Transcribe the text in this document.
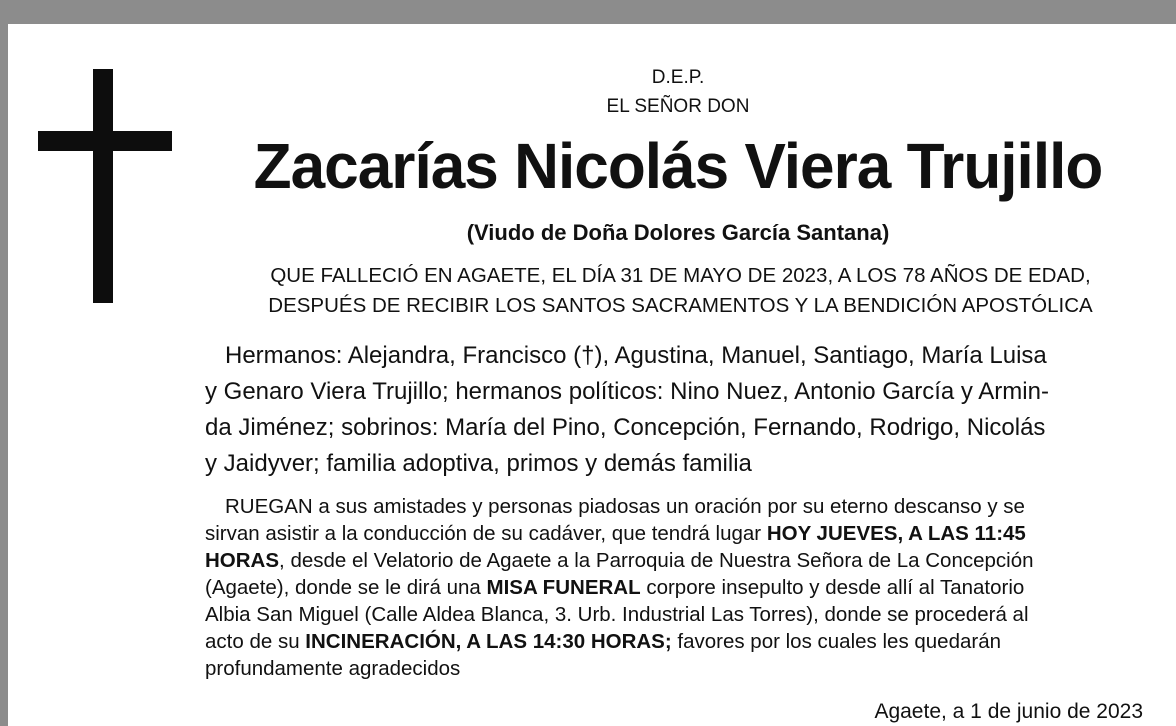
D.E.P.
EL SEÑOR DON
Zacarías Nicolás Viera Trujillo
(Viudo de Doña Dolores García Santana)
QUE FALLECIÓ EN AGAETE, EL DÍA 31 DE MAYO DE 2023, A LOS 78 AÑOS DE EDAD,
DESPUÉS DE RECIBIR LOS SANTOS SACRAMENTOS Y LA BENDICIÓN APOSTÓLICA
Hermanos: Alejandra, Francisco (†), Agustina, Manuel, Santiago, María Luisa
y Genaro Viera Trujillo; hermanos políticos: Nino Nuez, Antonio García y Armin-
da Jiménez; sobrinos: María del Pino, Concepción, Fernando, Rodrigo, Nicolás
y Jaidyver; familia adoptiva, primos y demás familia
RUEGAN a sus amistades y personas piadosas un oración por su eterno descanso y se
sirvan asistir a la conducción de su cadáver, que tendrá lugar HOY JUEVES, A LAS 11:45
HORAS, desde el Velatorio de Agaete a la Parroquia de Nuestra Señora de La Concepción
(Agaete), donde se le dirá una MISA FUNERAL corpore insepulto y desde allí al Tanatorio
Albia San Miguel (Calle Aldea Blanca, 3. Urb. Industrial Las Torres), donde se procederá al
acto de su INCINERACIÓN, A LAS 14:30 HORAS; favores por los cuales les quedarán
profundamente agradecidos
Agaete, a 1 de junio de 2023
